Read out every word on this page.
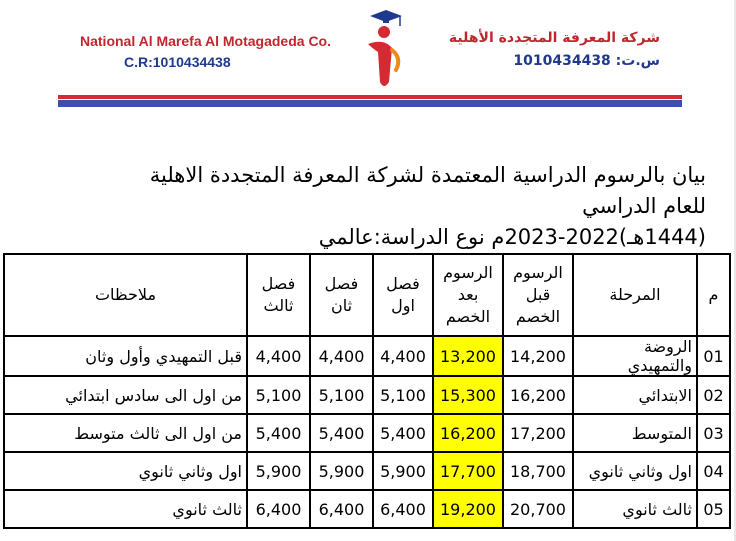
National Al Marefa Al Motagadeda Co.
C.R:1010434438
شركة المعرفة المتجددة الأهلية
س.ت: 1010434438
بيان بالرسوم الدراسية المعتمدة لشركة المعرفة المتجددة الاهلية للعام الدراسي
(1444هـ)2022-2023م نوع الدراسة:عالمي
م	المرحلة	الرسوم قبل الخصم	الرسوم بعد الخصم	فصل اول	فصل ثان	فصل ثالث	ملاحظات
01	الروضة والتمهيدي	14,200	13,200	4,400	4,400	4,400	قبل التمهيدي وأول وثان
02	الابتدائي	16,200	15,300	5,100	5,100	5,100	من اول الى سادس ابتدائي
03	المتوسط	17,200	16,200	5,400	5,400	5,400	من اول الى ثالث متوسط
04	اول وثاني ثانوي	18,700	17,700	5,900	5,900	5,900	اول وثاني ثانوي
05	ثالث ثانوي	20,700	19,200	6,400	6,400	6,400	ثالث ثانوي
